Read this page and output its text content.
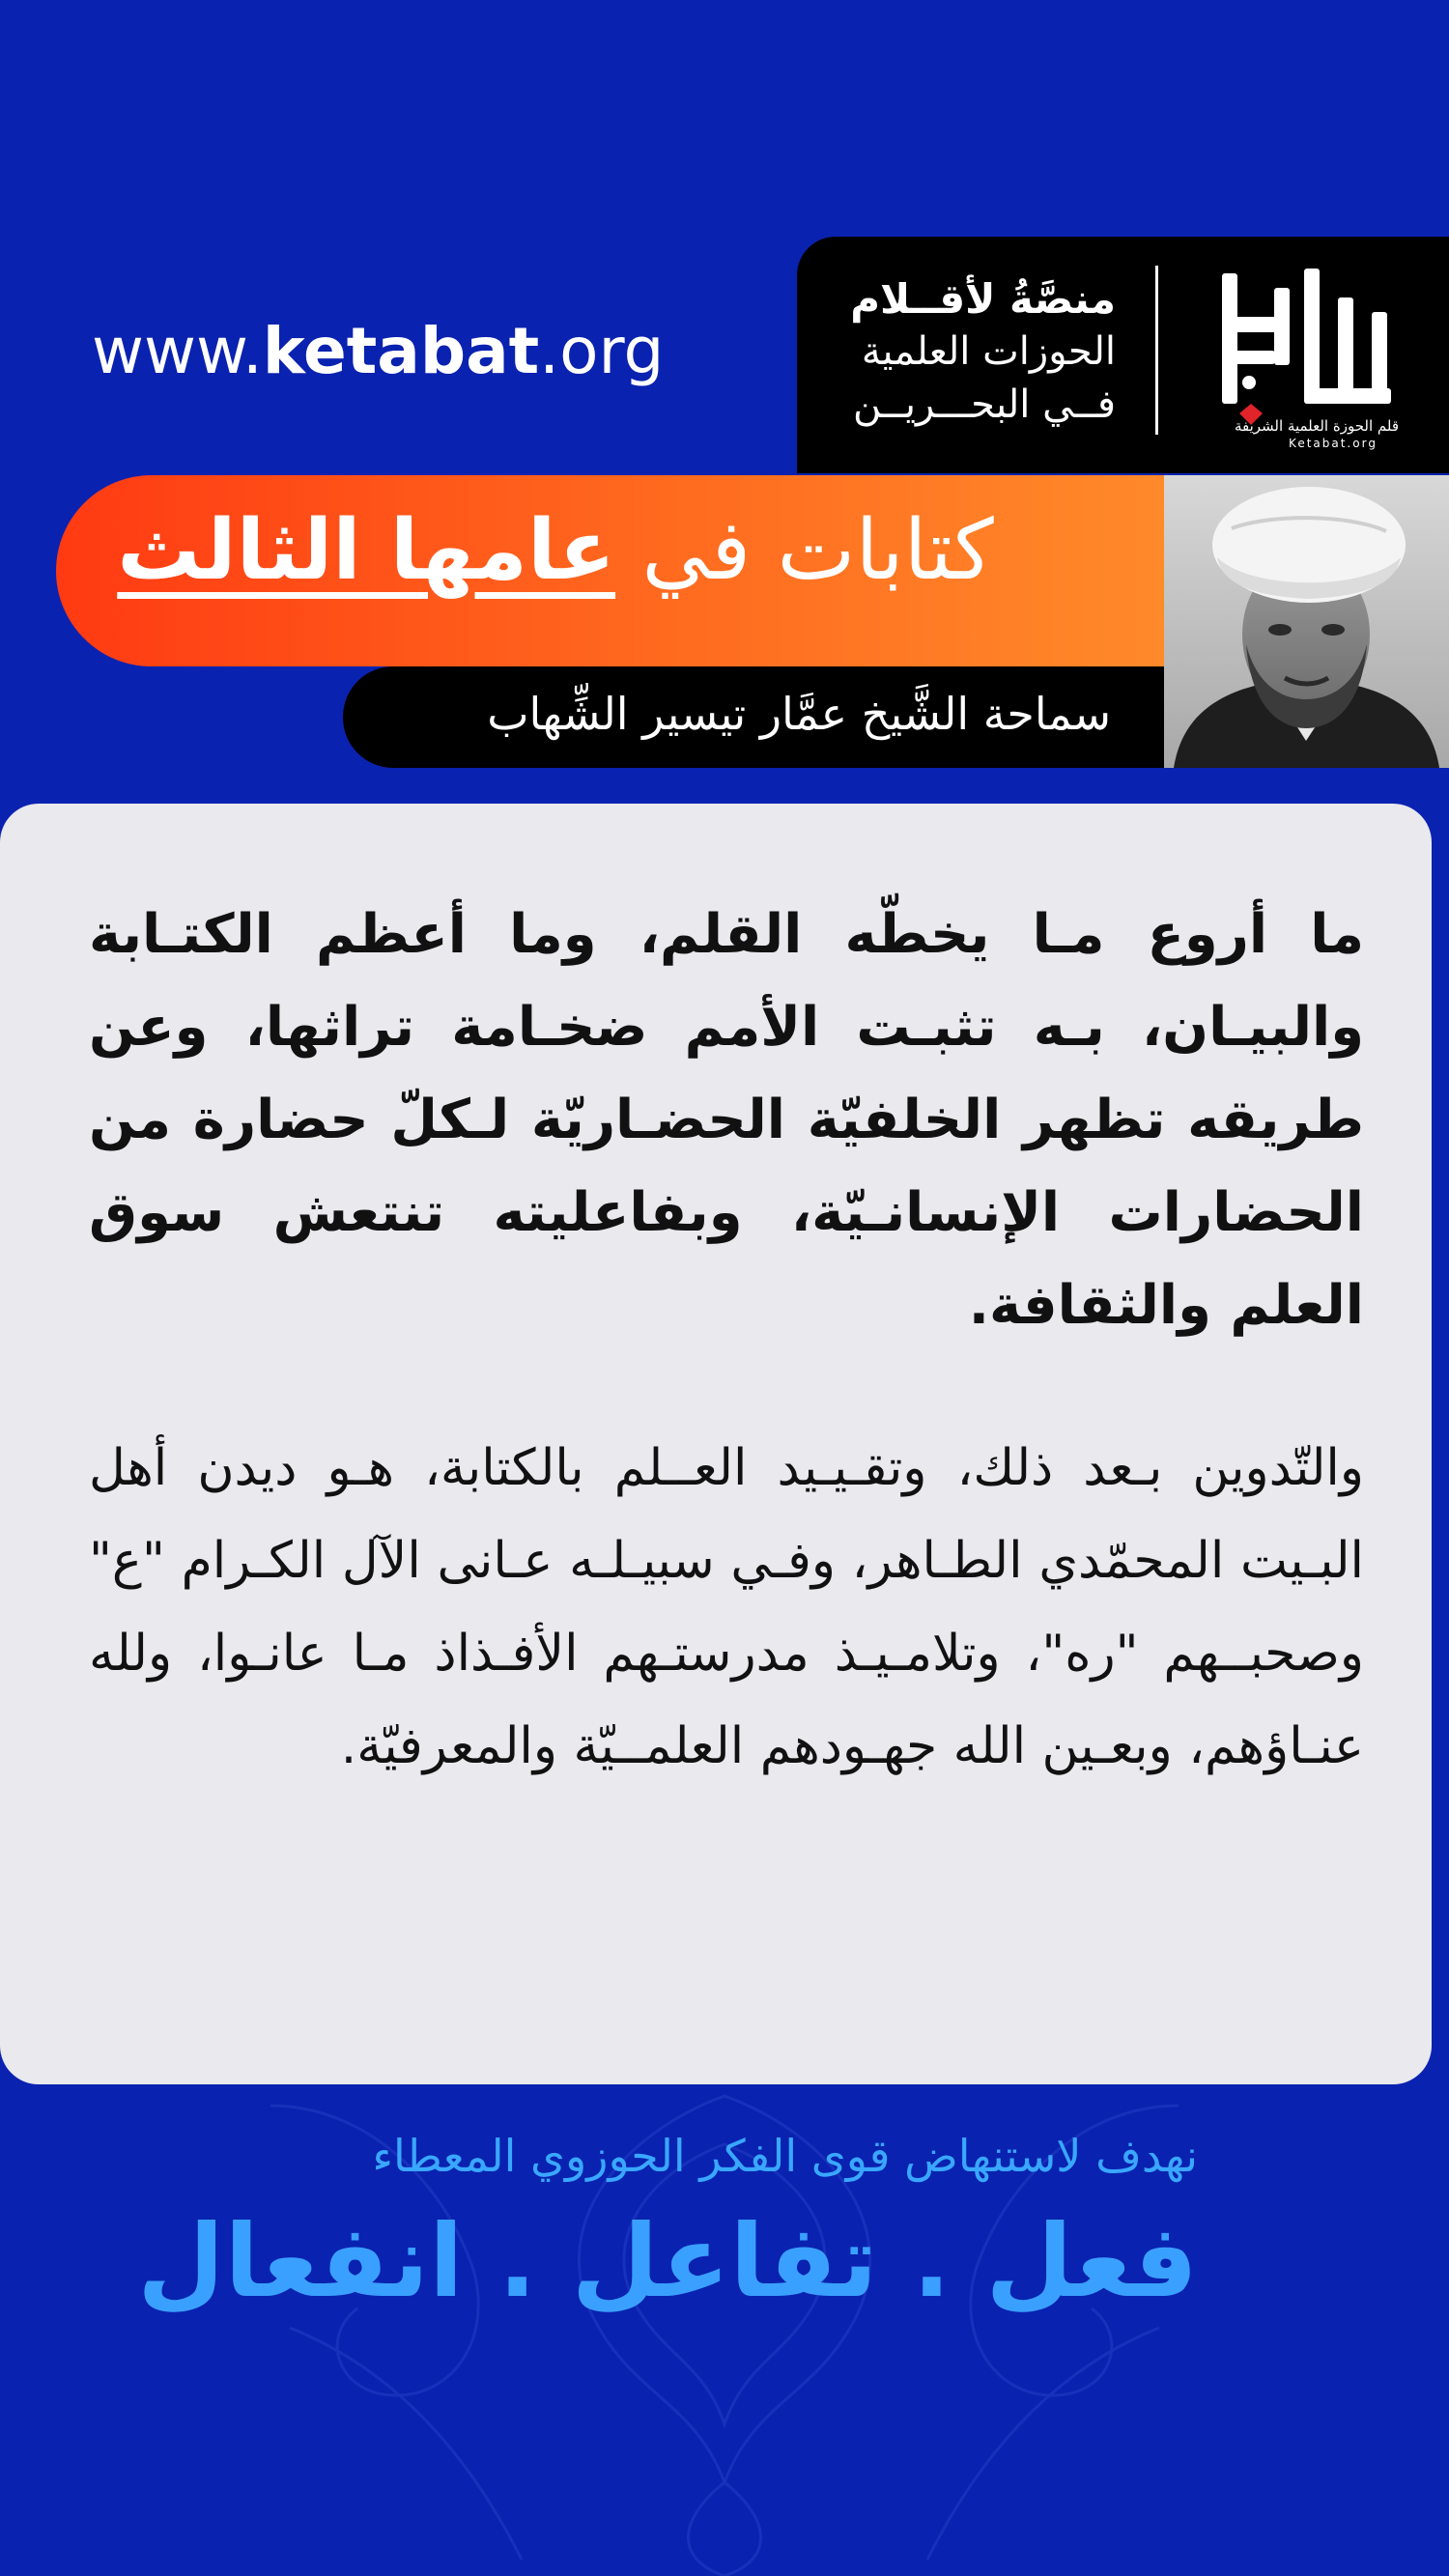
www.ketabat.org
قلم الحوزة العلمية الشريفة
Ketabat.org
منصَّةُ لأقــلام
الحوزات العلمية
فــي البحـــريــن
كتابات في عامها الثالث
سماحة الشَّيخ عمَّار تيسير الشِّهاب
ما أروع مـا يخطّه القلم، وما أعظم الكتـابة والبيـان، بـه تثبـت الأمم ضخـامة تراثها، وعن طريقه تظهر الخلفيّة الحضـاريّة لـكلّ حضارة من الحضارات الإنسانـيّة، وبفاعليته تنتعش سوق العلم والثقافة.
والتّدوين بـعد ذلك، وتقـيـيد العــلم بالكتابة، هـو ديدن أهل البـيت المحمّدي الطـاهر، وفـي سبيـلـه عـانى الآل الكـرام "ع" وصحبــهم "ره"، وتلامـيـذ مدرستـهم الأفـذاذ مـا عانـوا، ولله عنـاؤهم، وبعـين الله جهـودهم العلمــيّة والمعرفيّة.
نهدف لاستنهاض قوى الفكر الحوزوي المعطاء
فعل . تفاعل . انفعال
